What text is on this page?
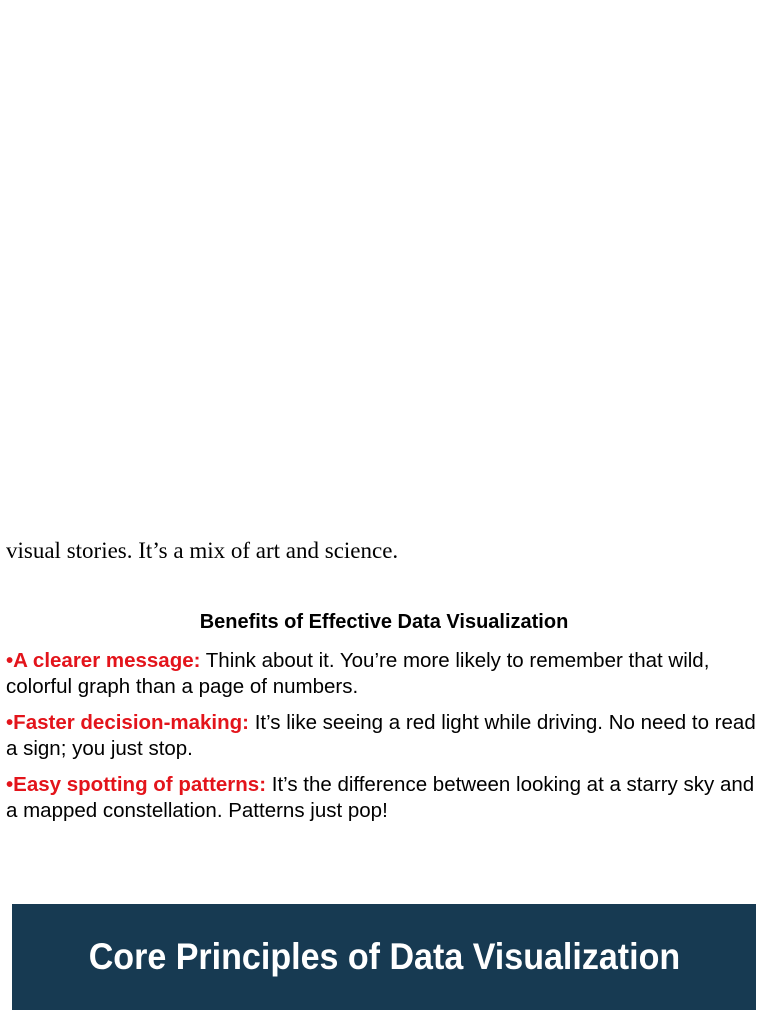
visual stories. It’s a mix of art and science.
Benefits of Effective Data Visualization

•A clearer message: Think about it. You’re more likely to remember that wild, colorful graph than a page of numbers.

•Faster decision-making: It’s like seeing a red light while driving. No need to read a sign; you just stop.

•Easy spotting of patterns: It’s the difference between looking at a starry sky and a mapped constellation. Patterns just pop!

Core Principles of Data Visualization
